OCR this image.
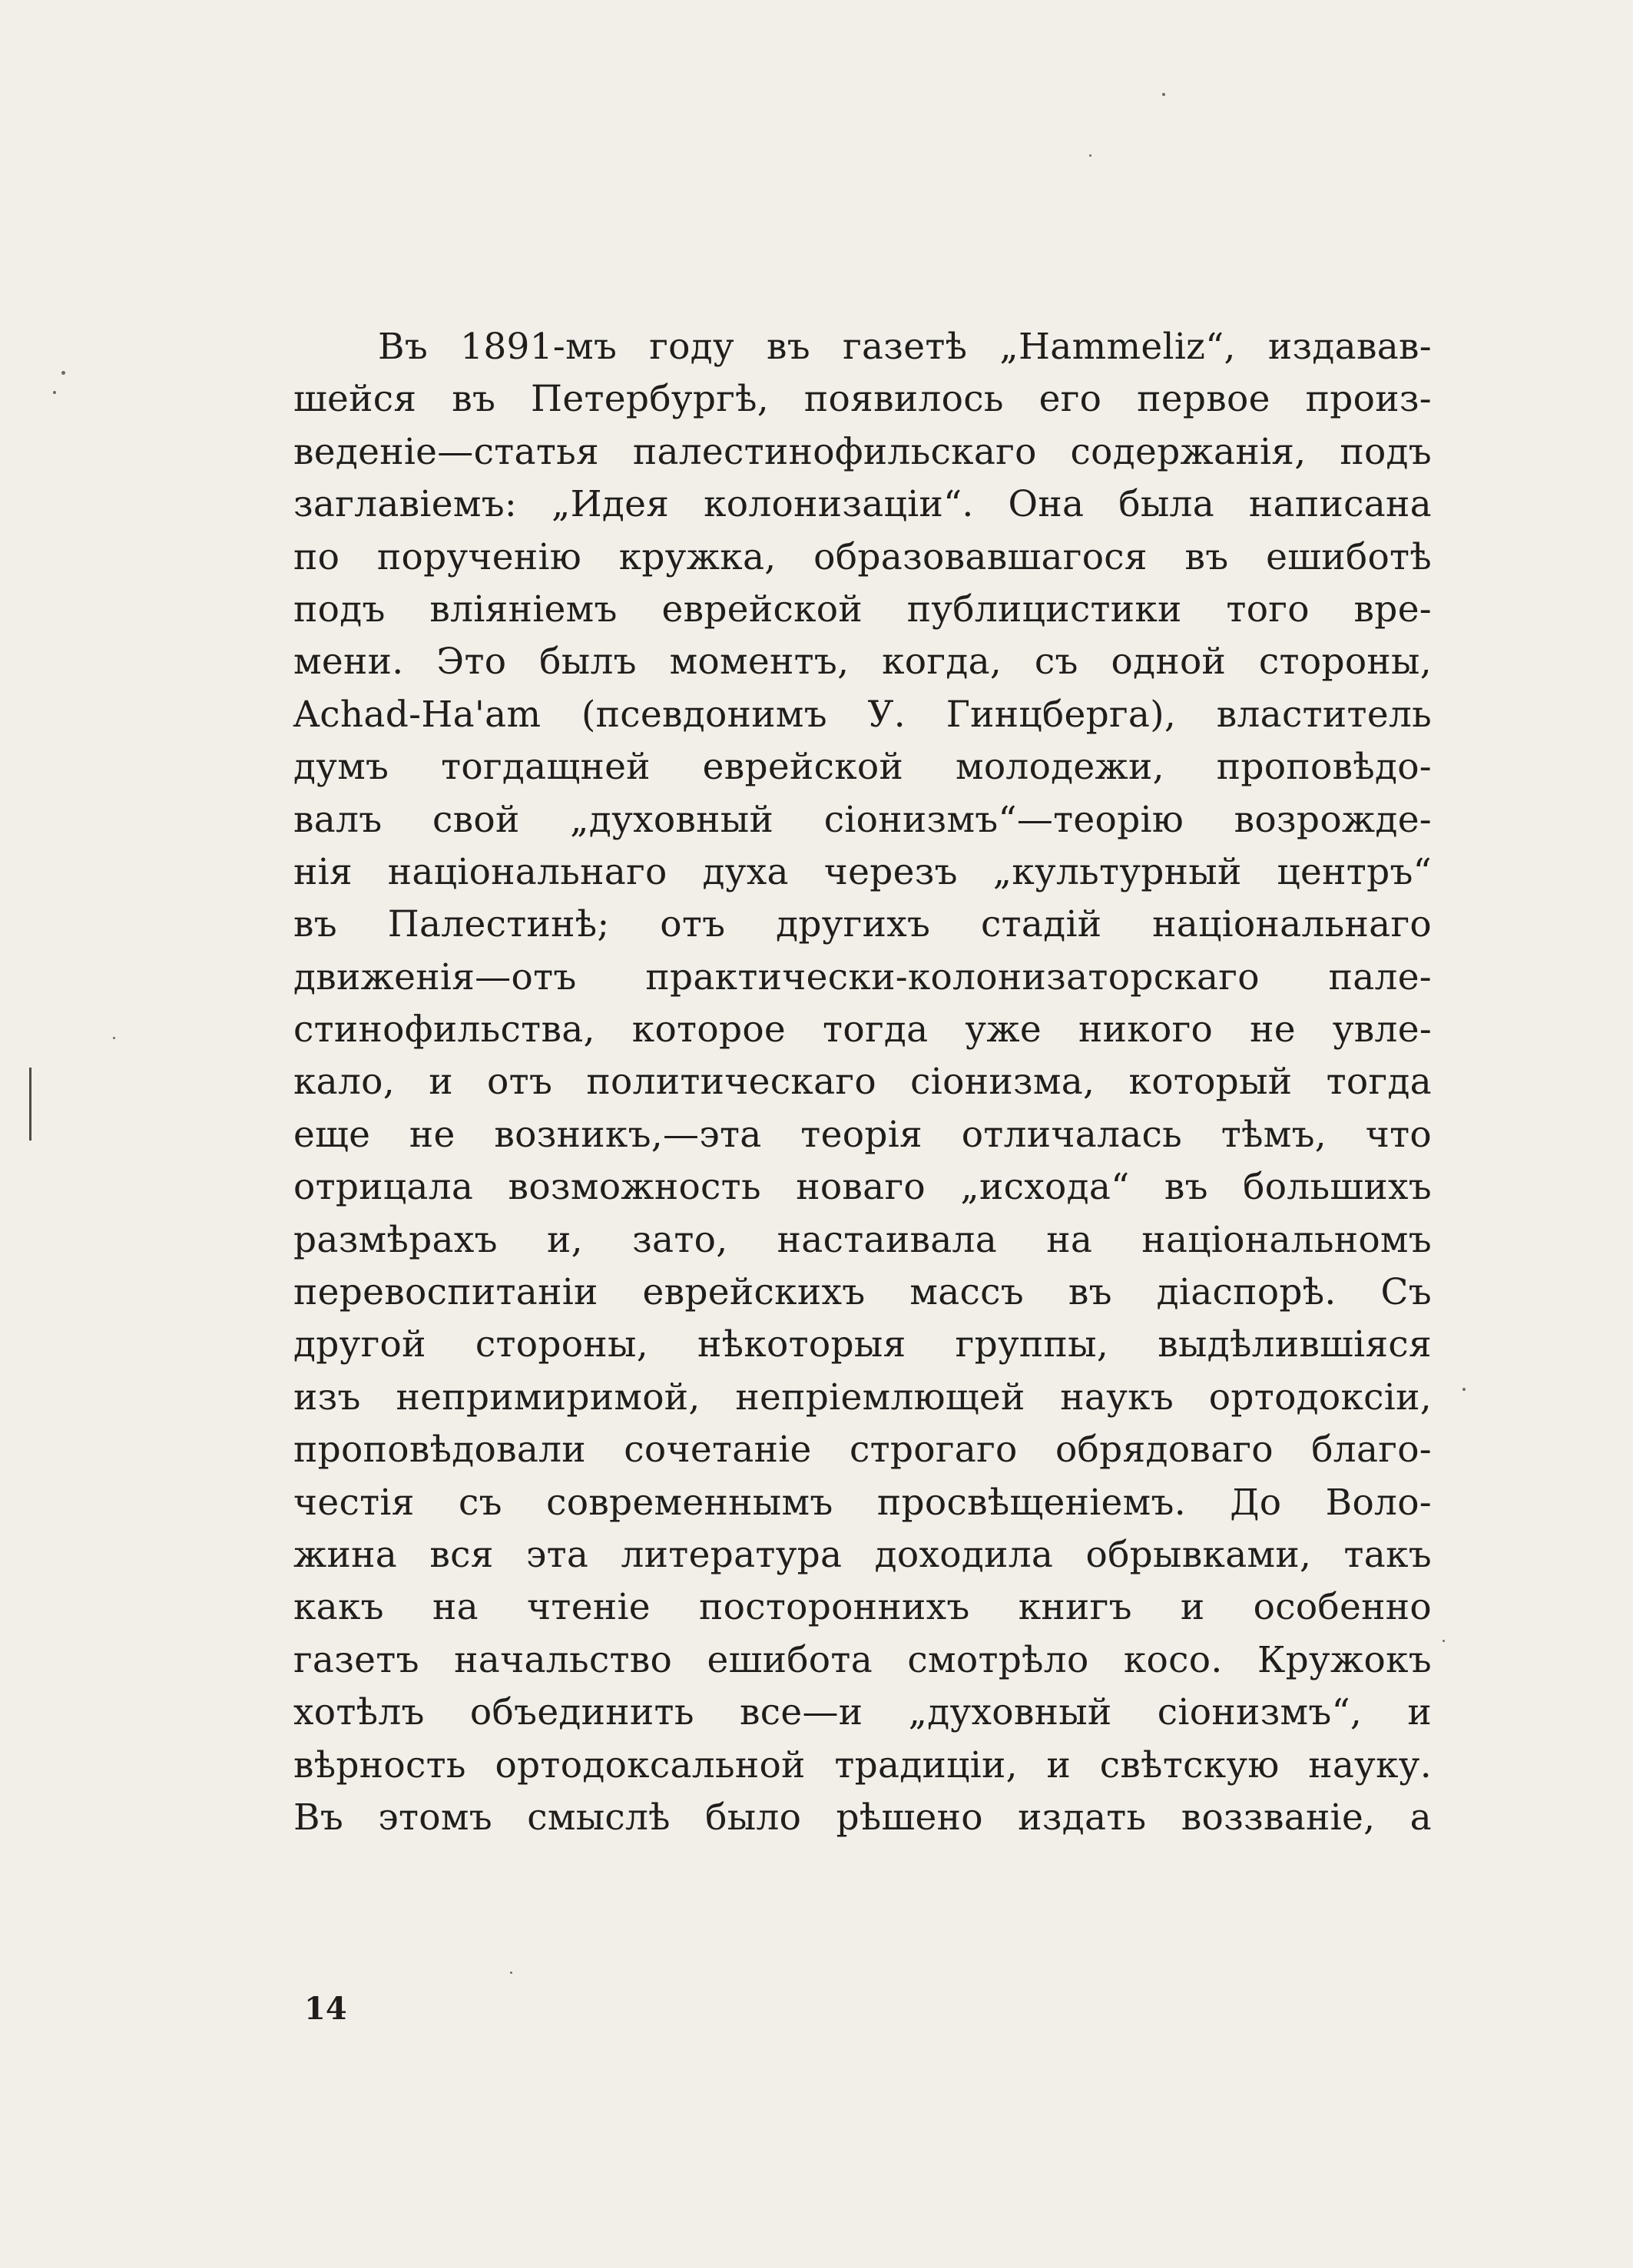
Въ 1891-мъ году въ газетѣ „Hammeliz“, издавав-
шейся въ Петербургѣ, появилось его первое произ-
веденіе—статья палестинофильскаго содержанія, подъ
заглавіемъ: „Идея колонизаціи“. Она была написана
по порученію кружка, образовавшагося въ ешиботѣ
подъ вліяніемъ еврейской публицистики того вре-
мени. Это былъ моментъ, когда, съ одной стороны,
Achad-Ha'am (псевдонимъ У. Гинцберга), властитель
думъ тогдащней еврейской молодежи, проповѣдо-
валъ свой „духовный сіонизмъ“—теорію возрожде-
нія національнаго духа черезъ „культурный центръ“
въ Палестинѣ; отъ другихъ стадій національнаго
движенія—отъ практически-колонизаторскаго пале-
стинофильства, которое тогда уже никого не увле-
кало, и отъ политическаго сіонизма, который тогда
еще не возникъ,—эта теорія отличалась тѣмъ, что
отрицала возможность новаго „исхода“ въ большихъ
размѣрахъ и, зато, настаивала на національномъ
перевоспитаніи еврейскихъ массъ въ діаспорѣ. Съ
другой стороны, нѣкоторыя группы, выдѣлившіяся
изъ непримиримой, непріемлющей наукъ ортодоксіи,
проповѣдовали сочетаніе строгаго обрядоваго благо-
честія съ современнымъ просвѣщеніемъ. До Воло-
жина вся эта литература доходила обрывками, такъ
какъ на чтеніе постороннихъ книгъ и особенно
газетъ начальство ешибота смотрѣло косо. Кружокъ
хотѣлъ объединить все—и „духовный сіонизмъ“, и
вѣрность ортодоксальной традиціи, и свѣтскую науку.
Въ этомъ смыслѣ было рѣшено издать воззваніе, а
14
